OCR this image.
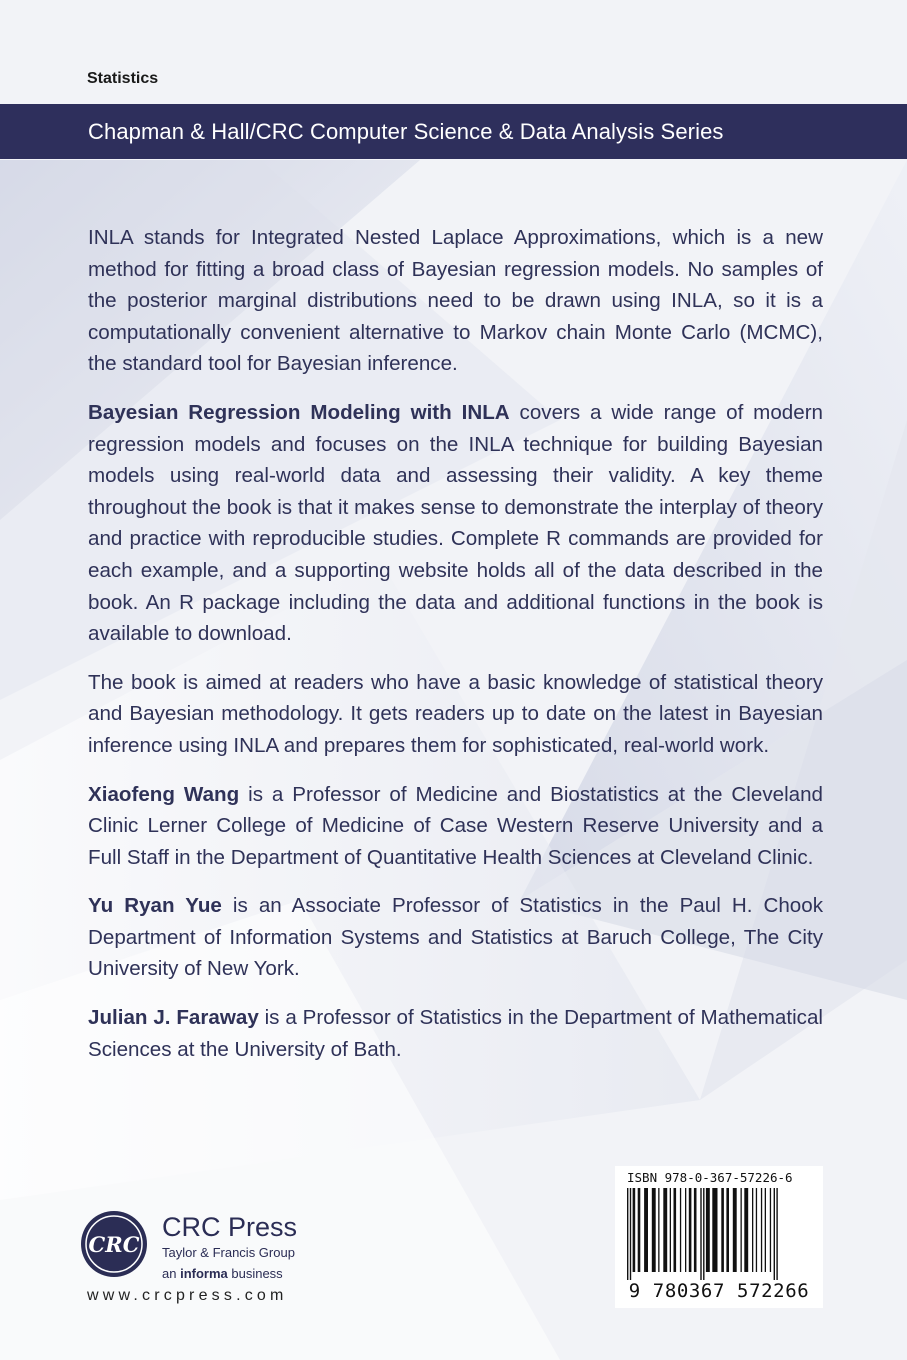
Statistics
Chapman & Hall/CRC Computer Science & Data Analysis Series

INLA stands for Integrated Nested Laplace Approximations, which is a new method for fitting a broad class of Bayesian regression models. No samples of the posterior marginal distributions need to be drawn using INLA, so it is a computationally convenient alternative to Markov chain Monte Carlo (MCMC), the standard tool for Bayesian inference.

Bayesian Regression Modeling with INLA covers a wide range of modern regression models and focuses on the INLA technique for building Bayesian models using real-world data and assessing their validity. A key theme throughout the book is that it makes sense to demonstrate the interplay of theory and practice with reproducible studies. Complete R commands are provided for each example, and a supporting website holds all of the data described in the book. An R package including the data and additional functions in the book is available to download.

The book is aimed at readers who have a basic knowledge of statistical theory and Bayesian methodology. It gets readers up to date on the latest in Bayesian inference using INLA and prepares them for sophisticated, real-world work.

Xiaofeng Wang is a Professor of Medicine and Biostatistics at the Cleveland Clinic Lerner College of Medicine of Case Western Reserve University and a Full Staff in the Department of Quantitative Health Sciences at Cleveland Clinic.

Yu Ryan Yue is an Associate Professor of Statistics in the Paul H. Chook Department of Information Systems and Statistics at Baruch College, The City University of New York.

Julian J. Faraway is a Professor of Statistics in the Department of Mathematical Sciences at the University of Bath.

CRC
CRC Press
Taylor & Francis Group
an informa business
www.crcpress.com
ISBN 978-0-367-57226-6
9 780367 572266
